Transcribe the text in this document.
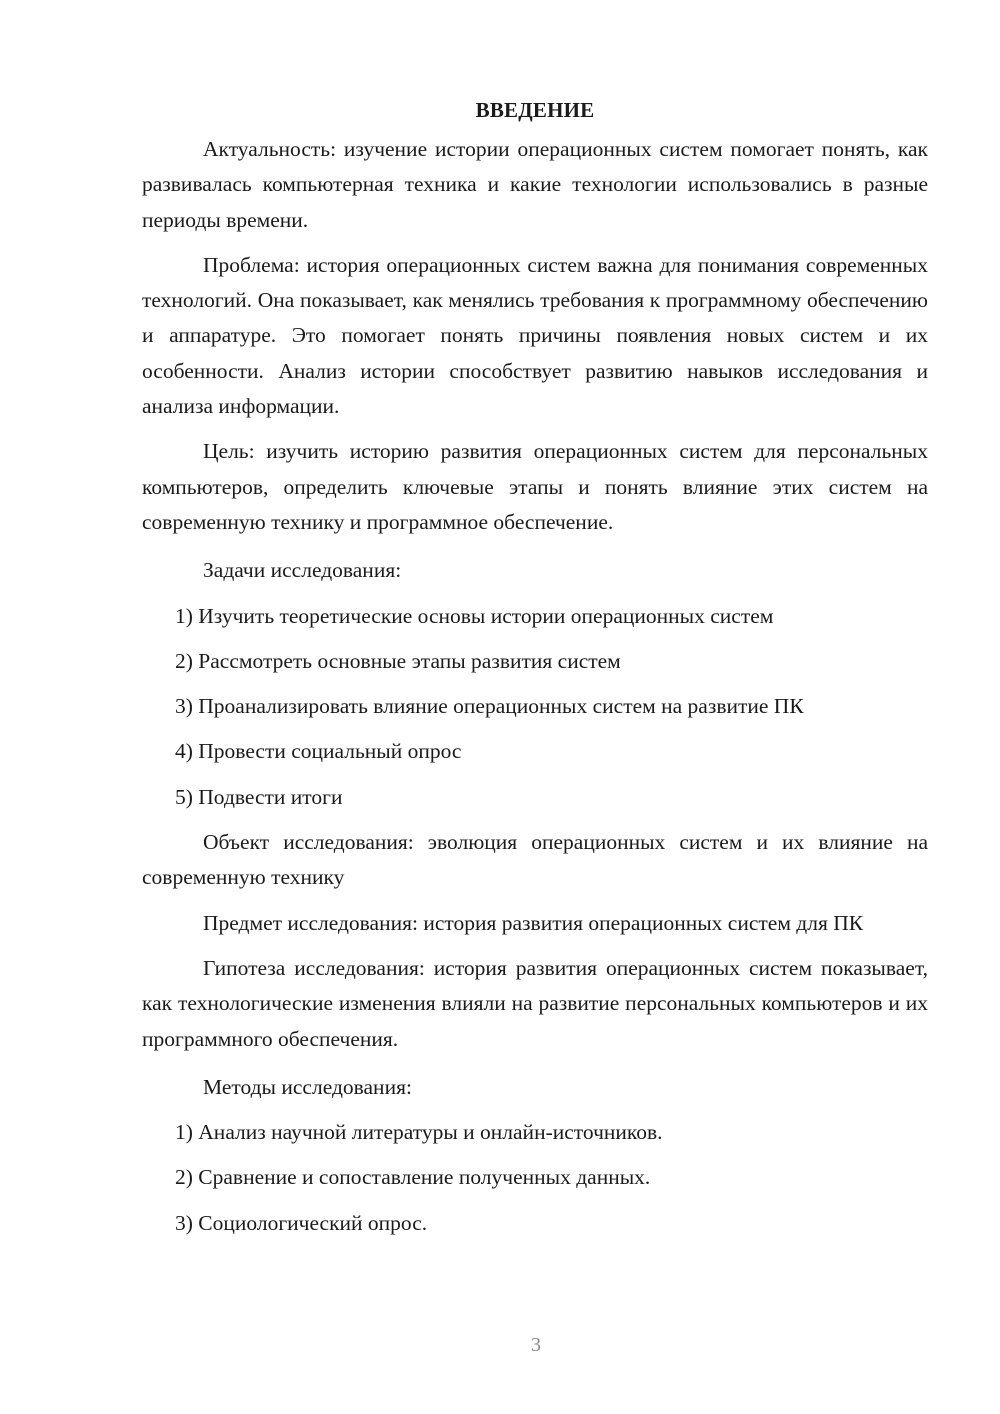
ВВЕДЕНИЕ

Актуальность: изучение истории операционных систем помогает понять, как развивалась компьютерная техника и какие технологии использовались в разные периоды времени.

Проблема: история операционных систем важна для понимания современных технологий. Она показывает, как менялись требования к программному обеспечению и аппаратуре. Это помогает понять причины появления новых систем и их особенности. Анализ истории способствует развитию навыков исследования и анализа информации.

Цель: изучить историю развития операционных систем для персональных компьютеров, определить ключевые этапы и понять влияние этих систем на современную технику и программное обеспечение.

Задачи исследования:
1) Изучить теоретические основы истории операционных систем
2) Рассмотреть основные этапы развития систем
3) Проанализировать влияние операционных систем на развитие ПК
4) Провести социальный опрос
5) Подвести итоги

Объект исследования: эволюция операционных систем и их влияние на современную технику

Предмет исследования: история развития операционных систем для ПК

Гипотеза исследования: история развития операционных систем показывает, как технологические изменения влияли на развитие персональных компьютеров и их программного обеспечения.

Методы исследования:
1) Анализ научной литературы и онлайн-источников.
2) Сравнение и сопоставление полученных данных.
3) Социологический опрос.
3
